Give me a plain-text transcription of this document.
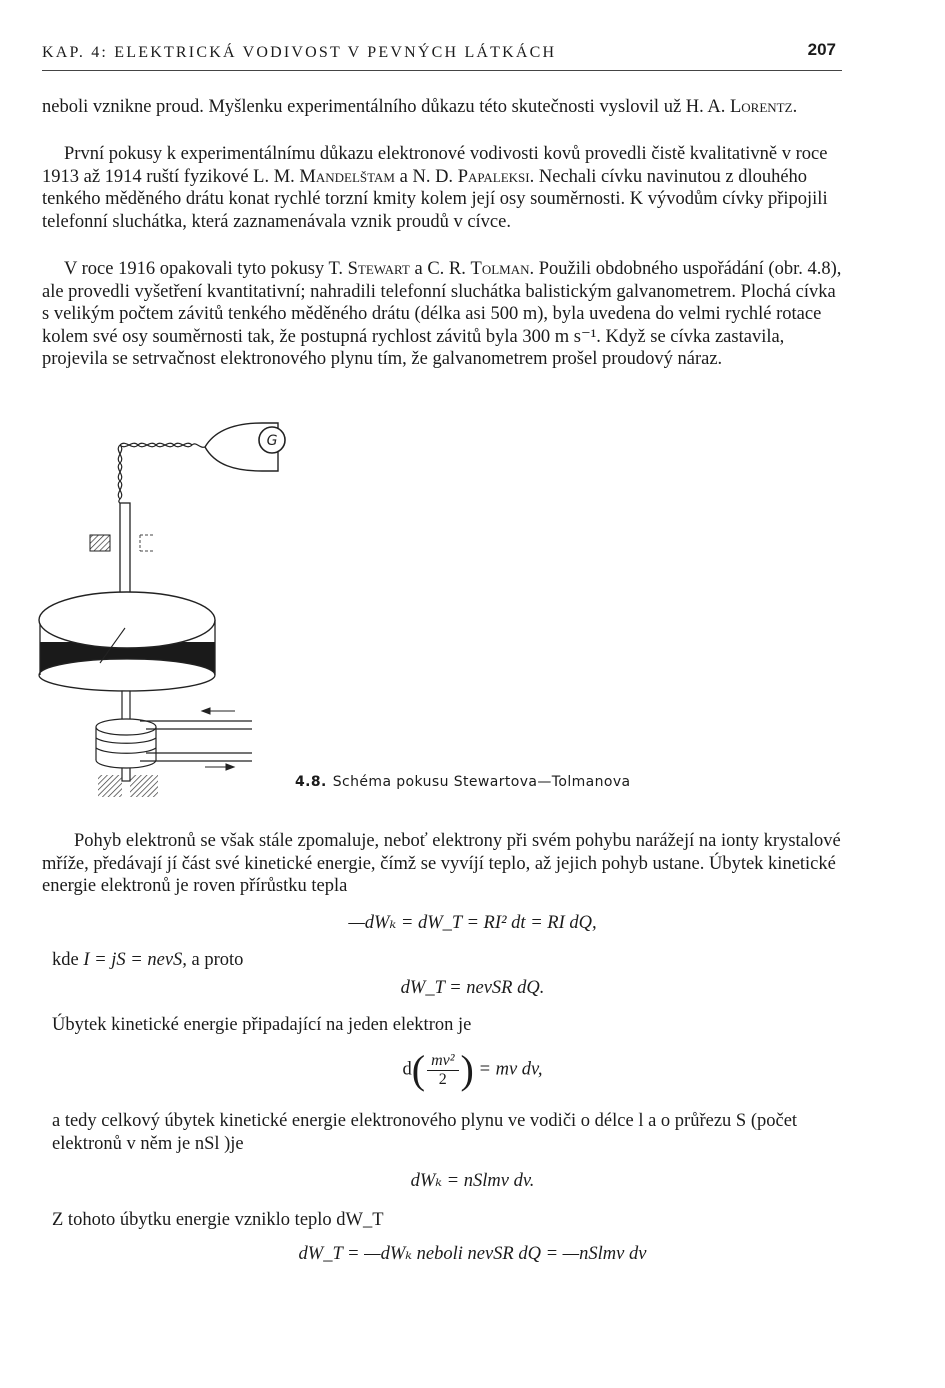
KAP. 4: ELEKTRICKÁ VODIVOST V PEVNÝCH LÁTKÁCH	207

neboli vznikne proud. Myšlenku experimentálního důkazu této skutečnosti vyslovil už H. A. Lorentz.

První pokusy k experimentálnímu důkazu elektronové vodivosti kovů provedli čistě kvalitativně v roce 1913 až 1914 ruští fyzikové L. M. Mandelštam a N. D. Papaleksi. Nechali cívku navinutou z dlouhého tenkého měděného drátu konat rychlé torzní kmity kolem její osy souměrnosti. K vývodům cívky připojili telefonní sluchátka, která zaznamenávala vznik proudů v cívce.

V roce 1916 opakovali tyto pokusy T. Stewart a C. R. Tolman. Použili obdobného uspořádání (obr. 4.8), ale provedli vyšetření kvantitativní; nahradili telefonní sluchátka balistickým galvanometrem. Plochá cívka s velikým počtem závitů tenkého měděného drátu (délka asi 500 m), byla uvedena do velmi rychlé rotace kolem své osy souměrnosti tak, že postupná rychlost závitů byla 300 m s⁻¹. Když se cívka zastavila, projevila se setrvačnost elektronového plynu tím, že galvanometrem prošel proudový náraz.

G
4.8. Schéma pokusu Stewartova—Tolmanova

Pohyb elektronů se však stále zpomaluje, neboť elektrony při svém pohybu narážejí na ionty krystalové mříže, předávají jí část své kinetické energie, čímž se vyvíjí teplo, až jejich pohyb ustane. Úbytek kinetické energie elektronů je roven přírůstku tepla

—dWₖ = dW_T = RI² dt = RI dQ,
kde I = jS = nevS, a proto
dW_T = nevSR dQ.
Úbytek kinetické energie připadající na jeden elektron je
$d( \frac{\text{mv²}}{2}$ ) = mv dv,

a tedy celkový úbytek kinetické energie elektronového plynu ve vodiči o délce l a o průřezu S (počet elektronů v něm je nSl )je

dWₖ = nSlmv dv.
Z tohoto úbytku energie vzniklo teplo dW_T
dW_T = —dWₖ neboli nevSR dQ = —nSlmv dv
